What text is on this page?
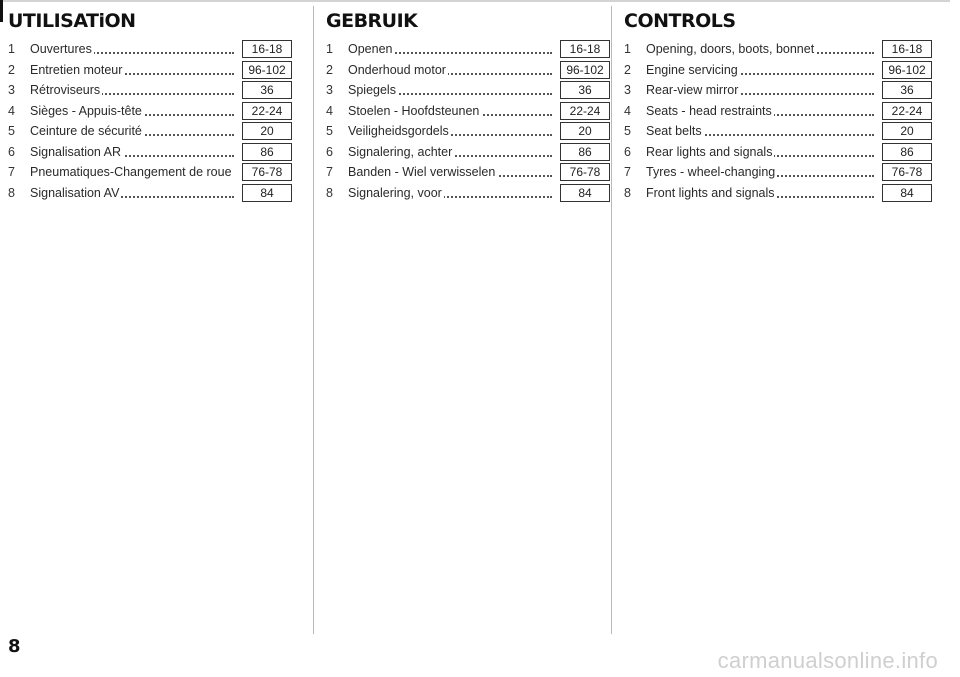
UTILISATiON
1	Ouvertures	16-18
2	Entretien moteur	96-102
3	Rétroviseurs	36
4	Sièges - Appuis-tête	22-24
5	Ceinture de sécurité	20
6	Signalisation AR	86
7	Pneumatiques-Changement de roue	76-78
8	Signalisation AV	84
GEBRUIK
1	Openen	16-18
2	Onderhoud motor	96-102
3	Spiegels	36
4	Stoelen - Hoofdsteunen	22-24
5	Veiligheidsgordels	20
6	Signalering, achter	86
7	Banden - Wiel verwisselen	76-78
8	Signalering, voor	84
CONTROLS
1	Opening, doors, boots, bonnet	16-18
2	Engine servicing	96-102
3	Rear-view mirror	36
4	Seats - head restraints	22-24
5	Seat belts	20
6	Rear lights and signals	86
7	Tyres - wheel-changing	76-78
8	Front lights and signals	84
8
carmanualsonline.info
